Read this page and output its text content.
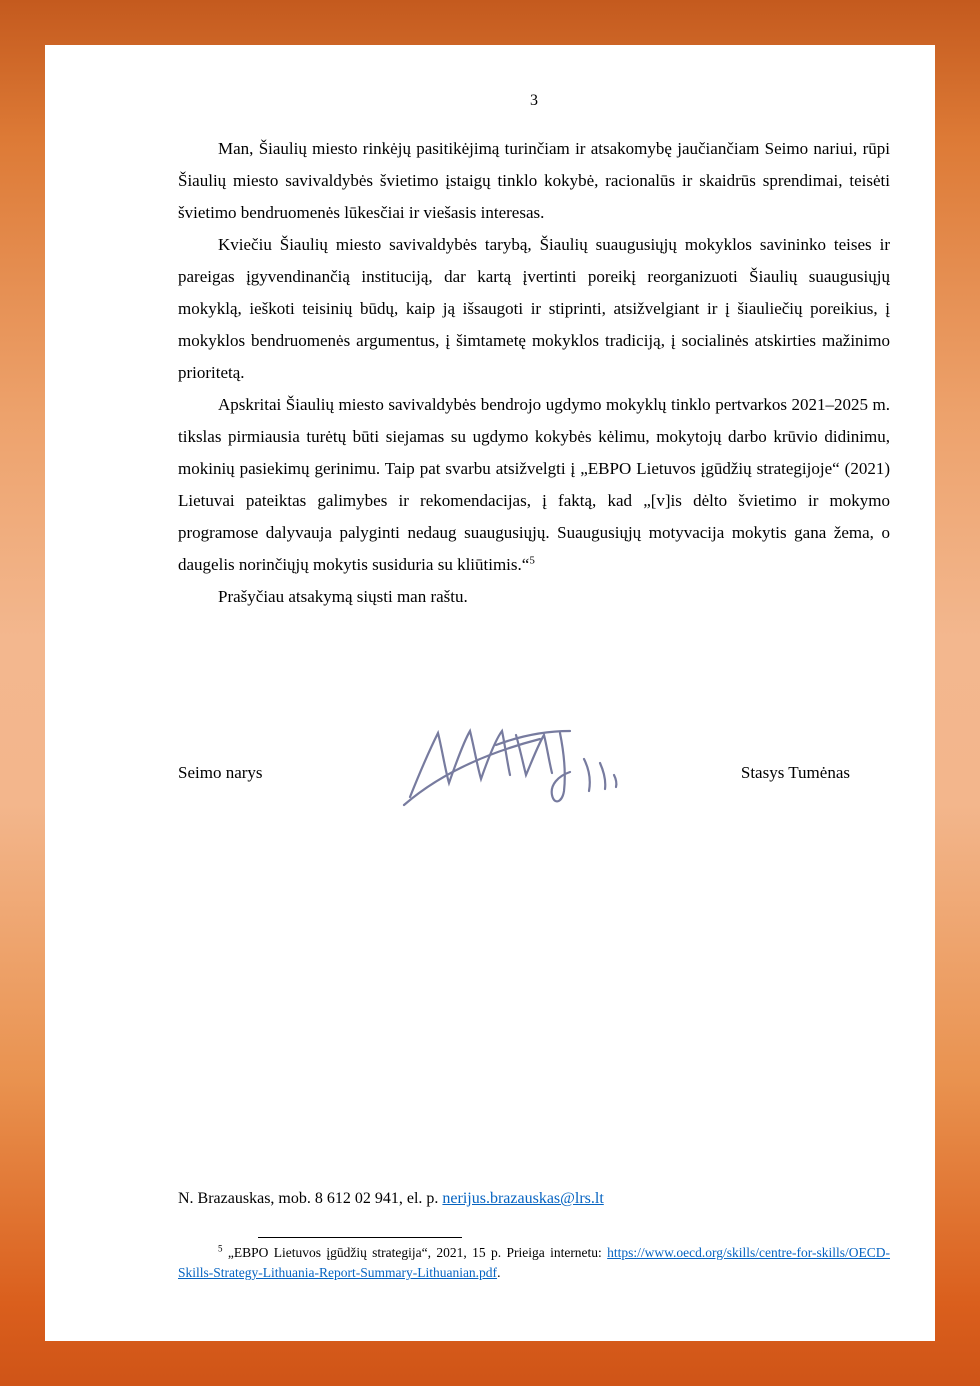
3

Man, Šiaulių miesto rinkėjų pasitikėjimą turinčiam ir atsakomybę jaučiančiam Seimo nariui, rūpi Šiaulių miesto savivaldybės švietimo įstaigų tinklo kokybė, racionalūs ir skaidrūs sprendimai, teisėti švietimo bendruomenės lūkesčiai ir viešasis interesas.

Kviečiu Šiaulių miesto savivaldybės tarybą, Šiaulių suaugusiųjų mokyklos savininko teises ir pareigas įgyvendinančią instituciją, dar kartą įvertinti poreikį reorganizuoti Šiaulių suaugusiųjų mokyklą, ieškoti teisinių būdų, kaip ją išsaugoti ir stiprinti, atsižvelgiant ir į šiauliečių poreikius, į mokyklos bendruomenės argumentus, į šimtametę mokyklos tradiciją, į socialinės atskirties mažinimo prioritetą.

Apskritai Šiaulių miesto savivaldybės bendrojo ugdymo mokyklų tinklo pertvarkos 2021–2025 m. tikslas pirmiausia turėtų būti siejamas su ugdymo kokybės kėlimu, mokytojų darbo krūvio didinimu, mokinių pasiekimų gerinimu. Taip pat svarbu atsižvelgti į „EBPO Lietuvos įgūdžių strategijoje“ (2021) Lietuvai pateiktas galimybes ir rekomendacijas, į faktą, kad „[v]is dėlto švietimo ir mokymo programose dalyvauja palyginti nedaug suaugusiųjų. Suaugusiųjų motyvacija mokytis gana žema, o daugelis norinčiųjų mokytis susiduria su kliūtimis.“$^5$

Prašyčiau atsakymą siųsti man raštu.

Seimo narys	Stasys Tumėnas

N. Brazauskas, mob. 8 612 02 941, el. p. nerijus.brazauskas@lrs.lt

$^5$ „EBPO Lietuvos įgūdžių strategija“, 2021, 15 p. Prieiga internetu: https://www.oecd.org/skills/centre-for-skills/OECD-Skills-Strategy-Lithuania-Report-Summary-Lithuanian.pdf.
